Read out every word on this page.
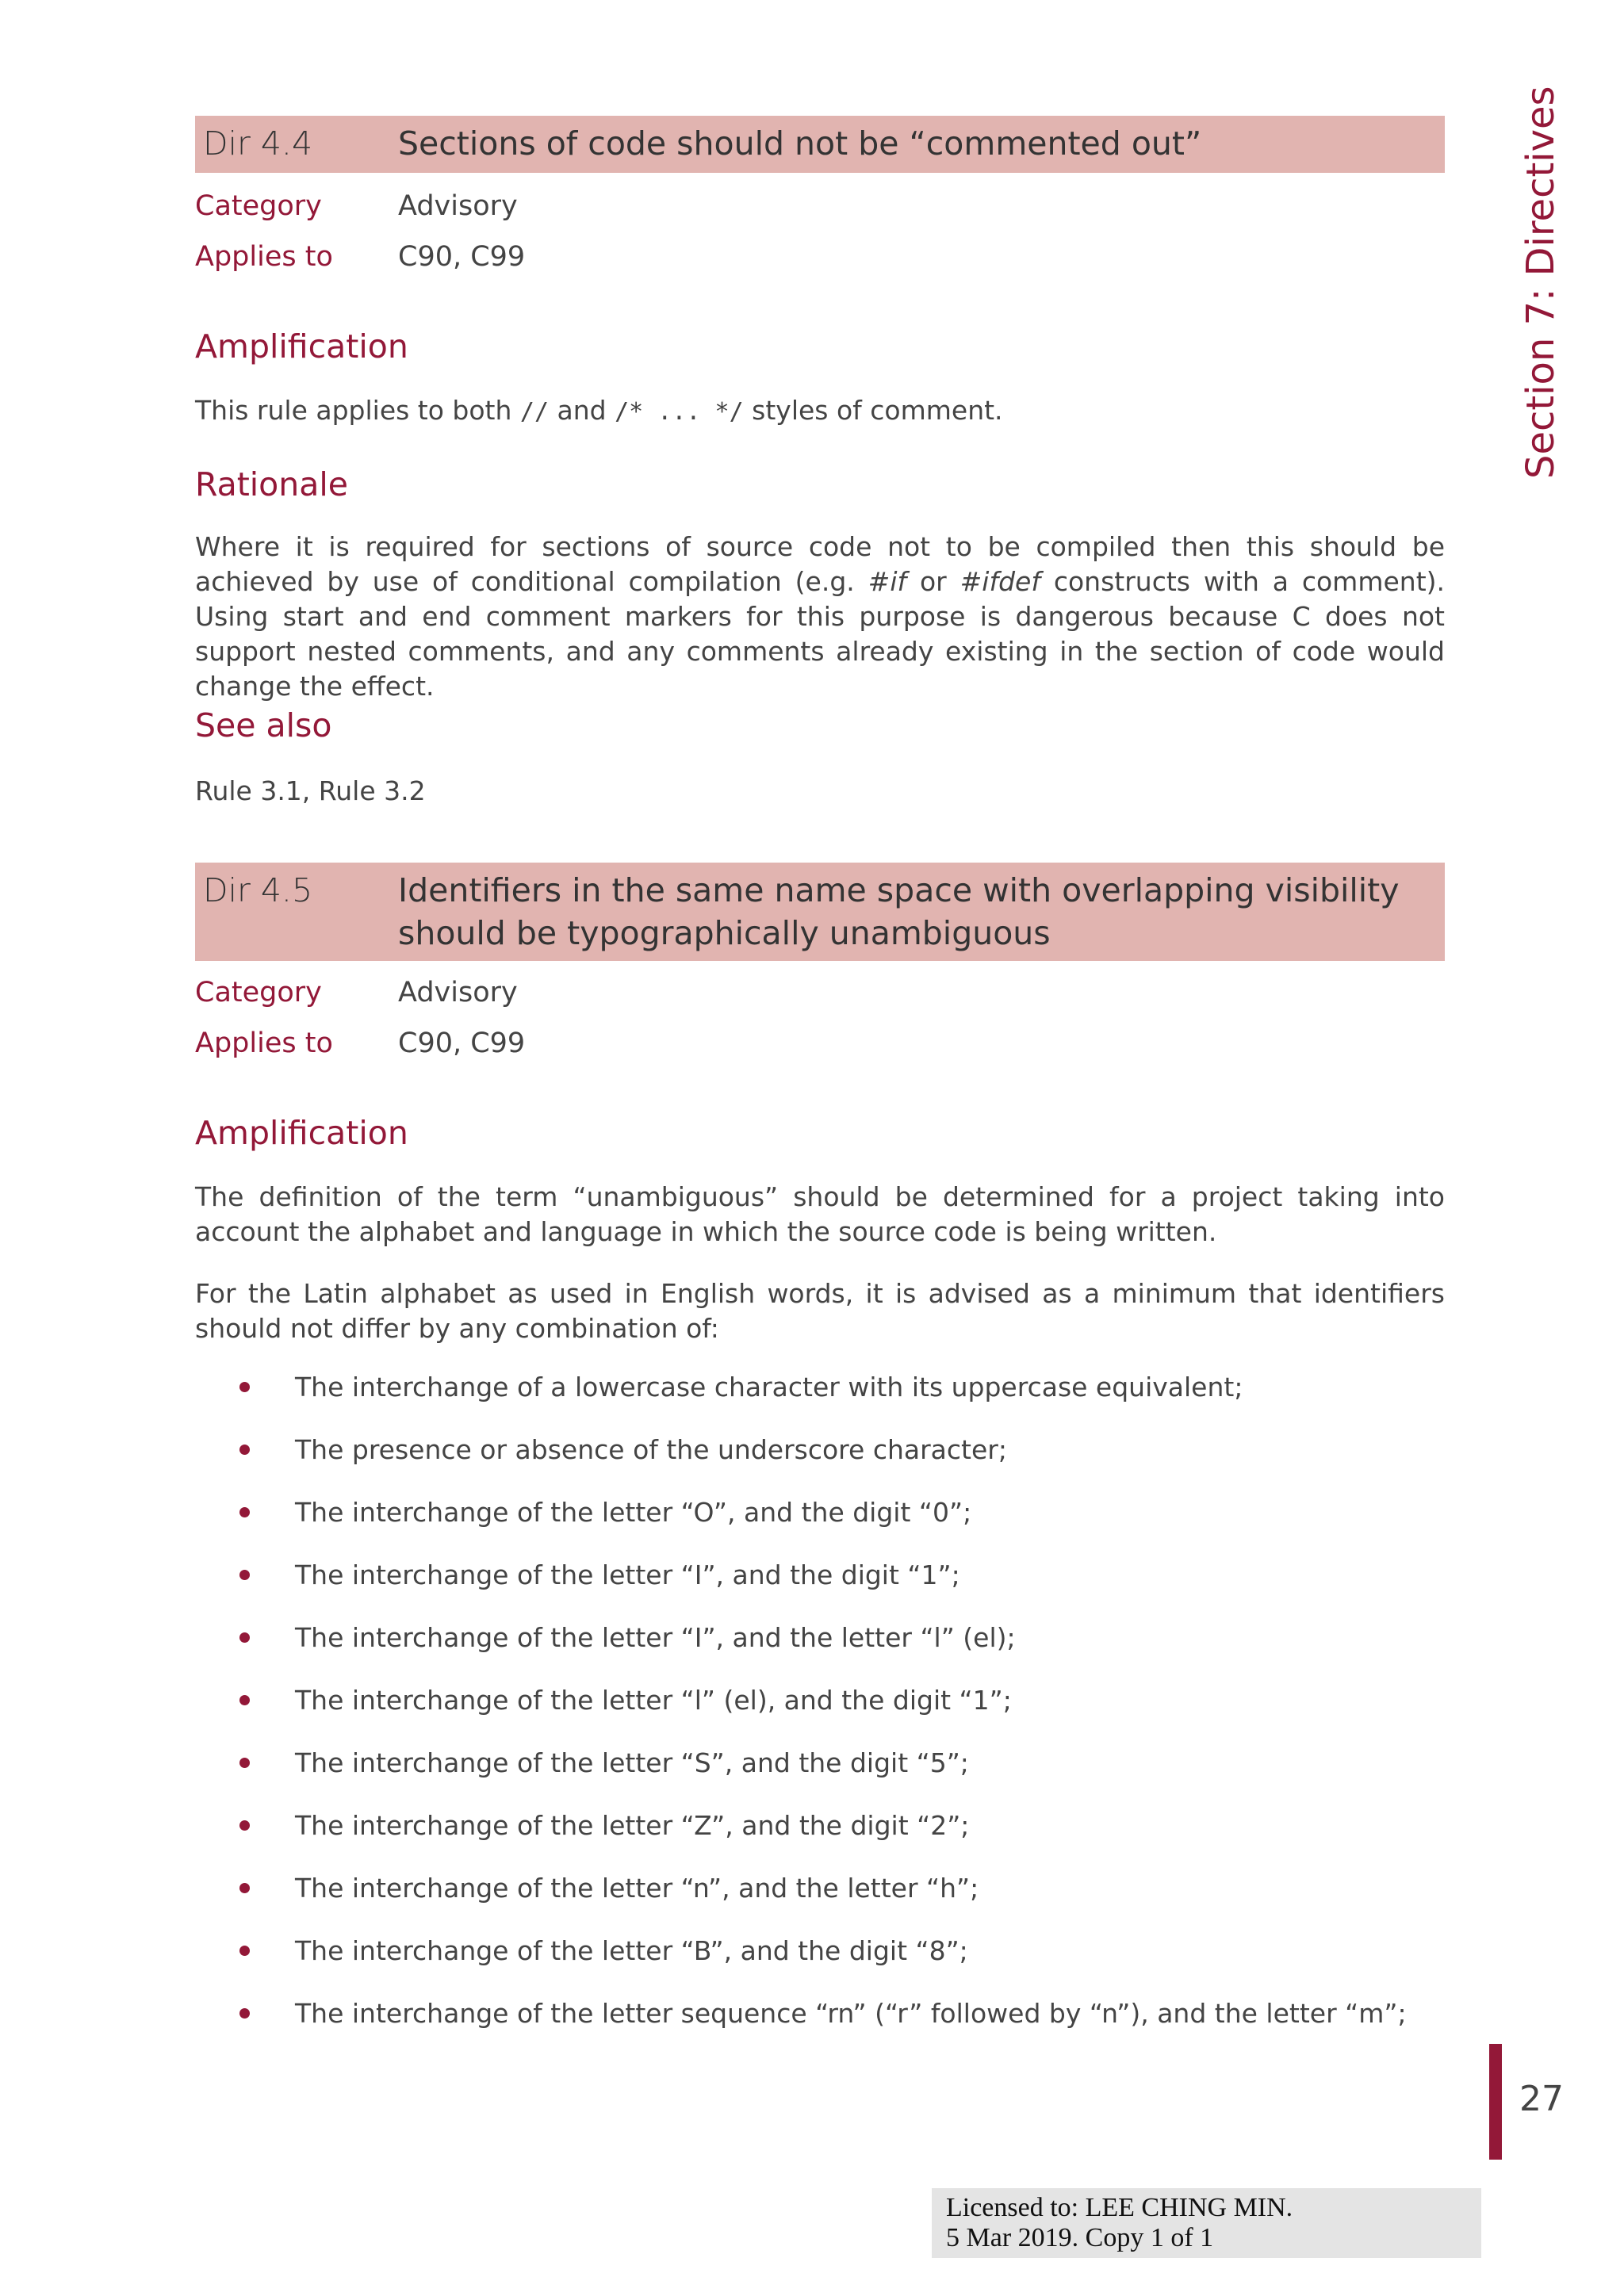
Dir 4.4	Sections of code should not be “commented out”
Category	Advisory
Applies to	C90, C99
Amplification

This rule applies to both // and /* ... */ styles of comment.

Rationale

Where it is required for sections of source code not to be compiled then this should be achieved by use of conditional compilation (e.g. #if or #ifdef constructs with a comment). Using start and end comment markers for this purpose is dangerous because C does not support nested comments, and any comments already existing in the section of code would change the effect.

See also

Rule 3.1, Rule 3.2

Dir 4.5	Identifiers in the same name space with overlapping visibility should be typographically unambiguous
Category	Advisory
Applies to	C90, C99
Amplification

The definition of the term “unambiguous” should be determined for a project taking into account the alphabet and language in which the source code is being written.

For the Latin alphabet as used in English words, it is advised as a minimum that identifiers should not differ by any combination of:

The interchange of a lowercase character with its uppercase equivalent;
The presence or absence of the underscore character;
The interchange of the letter “O”, and the digit “0”;
The interchange of the letter “I”, and the digit “1”;
The interchange of the letter “I”, and the letter “l” (el);
The interchange of the letter “l” (el), and the digit “1”;
The interchange of the letter “S”, and the digit “5”;
The interchange of the letter “Z”, and the digit “2”;
The interchange of the letter “n”, and the letter “h”;
The interchange of the letter “B”, and the digit “8”;
The interchange of the letter sequence “rn” (“r” followed by “n”), and the letter “m”;
Section 7: Directives
27
Licensed to: LEE CHING MIN.
5 Mar 2019. Copy 1 of 1
